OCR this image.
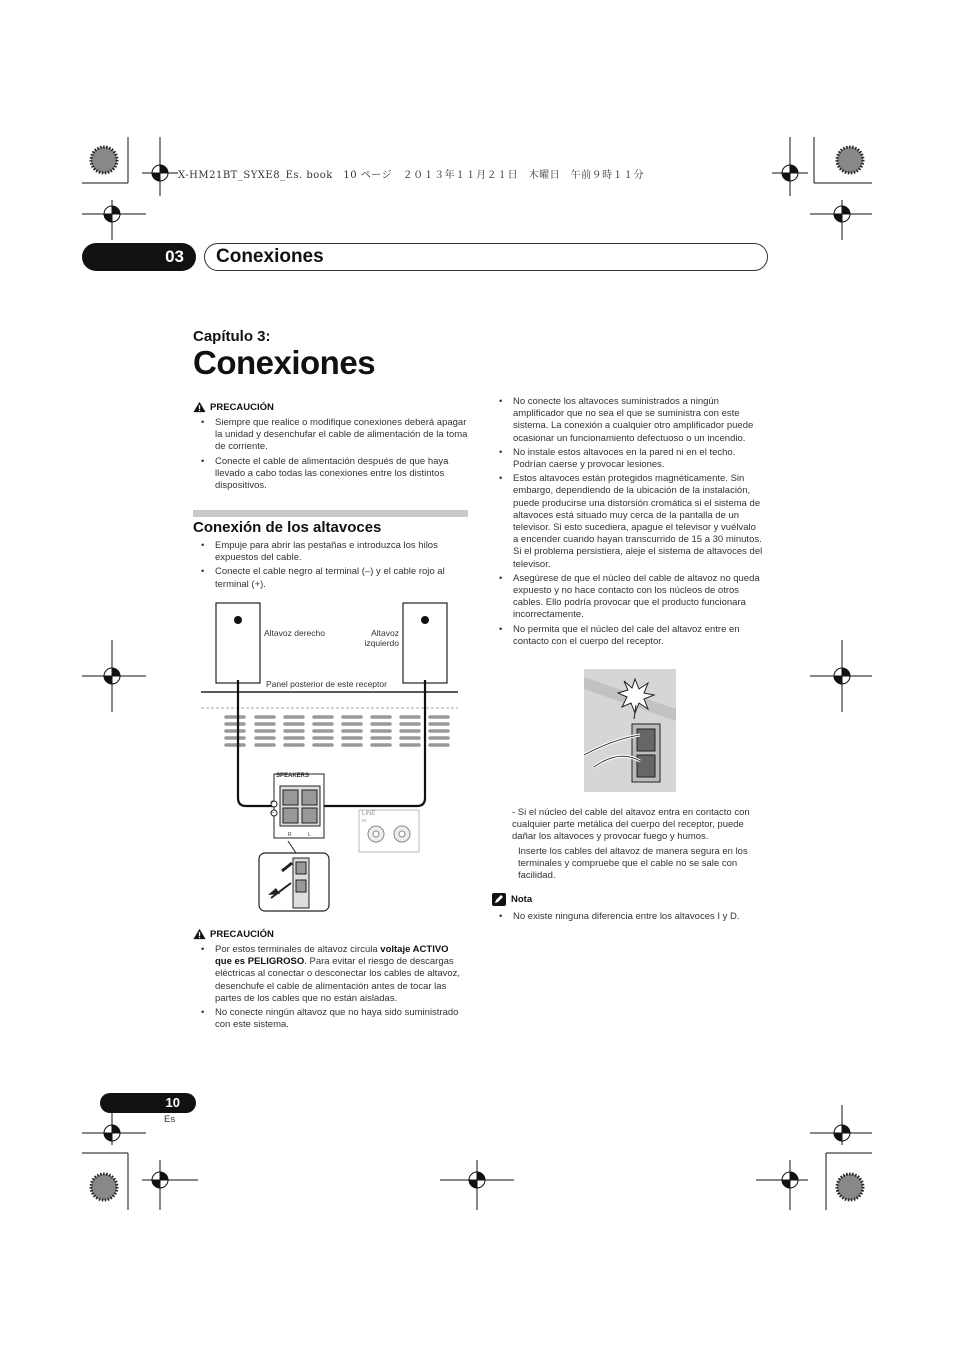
X-HM21BT_SYXE8_Es. book　10 ページ　２０１３年１１月２１日　木曜日　午前９時１１分
03	Conexiones
Capítulo 3:
Conexiones
PRECAUCIÓN
• Siempre que realice o modifique conexiones deberá apagar la unidad y desenchufar el cable de alimentación de la toma de corriente.
• Conecte el cable de alimentación después de que haya llevado a cabo todas las conexiones entre los distintos dispositivos.
Conexión de los altavoces
• Empuje para abrir las pestañas e introduzca los hilos expuestos del cable.
• Conecte el cable negro al terminal (–) y el cable rojo al terminal (+).
Altavoz derecho	Altavoz izquierdo
Panel posterior de este receptor
SPEAKERS
+
–
R	L
LINE
IN
PRECAUCIÓN
• Por estos terminales de altavoz circula voltaje ACTIVO que es PELIGROSO. Para evitar el riesgo de descargas eléctricas al conectar o desconectar los cables de altavoz, desenchufe el cable de alimentación antes de tocar las partes de los cables que no están aisladas.
• No conecte ningún altavoz que no haya sido suministrado con este sistema.
• No conecte los altavoces suministrados a ningún amplificador que no sea el que se suministra con este sistema. La conexión a cualquier otro amplificador puede ocasionar un funcionamiento defectuoso o un incendio.
• No instale estos altavoces en la pared ni en el techo. Podrían caerse y provocar lesiones.
• Estos altavoces están protegidos magnéticamente. Sin embargo, dependiendo de la ubicación de la instalación, puede producirse una distorsión cromática si el sistema de altavoces está situado muy cerca de la pantalla de un televisor. Si esto sucediera, apague el televisor y vuélvalo a encender cuando hayan transcurrido de 15 a 30 minutos. Si el problema persistiera, aleje el sistema de altavoces del televisor.
• Asegúrese de que el núcleo del cable de altavoz no queda expuesto y no hace contacto con los núcleos de otros cables. Ello podría provocar que el producto funcionara incorrectamente.
• No permita que el núcleo del cale del altavoz entre en contacto con el cuerpo del receptor.
- Si el núcleo del cable del altavoz entra en contacto con cualquier parte metálica del cuerpo del receptor, puede dañar los altavoces y provocar fuego y humos.
Inserte los cables del altavoz de manera segura en los terminales y compruebe que el cable no se sale con facilidad.
Nota
• No existe ninguna diferencia entre los altavoces I y D.
10
Es
